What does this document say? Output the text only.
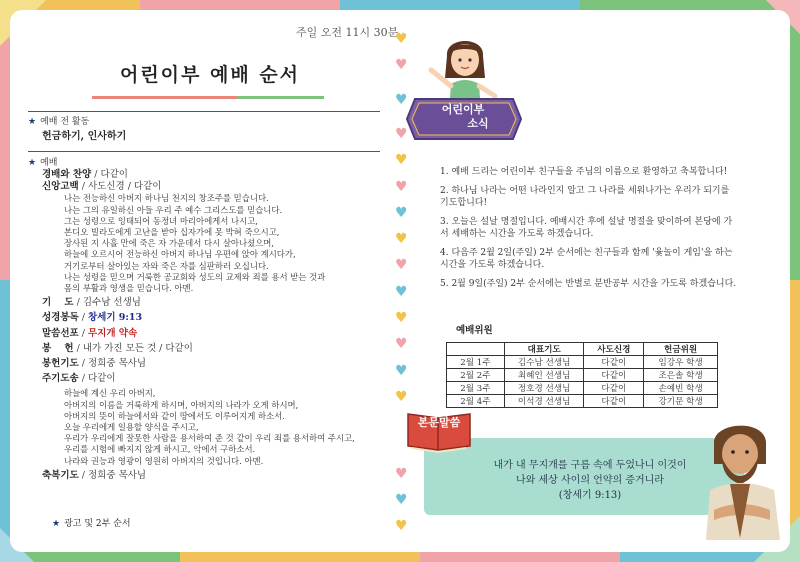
주일 오전 11시 30분
어린이부 예배 순서
★ 예배 전 활동
헌금하기, 인사하기
★ 예배
경배와 찬양 / 다같이
신앙고백 / 사도신경 / 다같이
나는 전능하신 아버지 하나님 천지의 창조주를 믿습니다.
나는 그의 유일하신 아들 우리 주 예수 그리스도를 믿습니다.
그는 성령으로 잉태되어 동정녀 마리아에게서 나시고,
본디오 빌라도에게 고난을 받아 십자가에 못 박혀 죽으시고,
장사된 지 사흘 만에 죽은 자 가운데서 다시 살아나셨으며,
하늘에 오르시어 전능하신 아버지 하나님 우편에 앉아 계시다가,
거기로부터 살아있는 자와 죽은 자를 심판하러 오십니다.
나는 성령을 믿으며 거룩한 공교회와 성도의 교제와 죄를 용서 받는 것과
몸의 부활과 영생을 믿습니다. 아멘.
기    도 / 김수남 선생님
성경봉독 / 창세기 9:13
말씀선포 / 무지개 약속
봉    헌 / 내가 가진 모든 것 / 다같이
봉헌기도 / 정희중 목사님
주기도송 / 다같이
하늘에 계신 우리 아버지,
아버지의 이름을 거룩하게 하시며, 아버지의 나라가 오게 하시며,
아버지의 뜻이 하늘에서와 같이 땅에서도 이루어지게 하소서.
오늘 우리에게 일용할 양식을 주시고,
우리가 우리에게 잘못한 사람을 용서하여 준 것 같이 우리 죄를 용서하여 주시고,
우리를 시험에 빠지지 않게 하시고, 악에서 구하소서.
나라와 권능과 영광이 영원히 아버지의 것입니다. 아멘.
축복기도 / 정희중 목사님
★ 광고 및 2부 순서
♥
♥
♥
♥
♥
♥
♥
♥
♥
♥
♥
♥
♥
♥
♥
♥
♥
어린이부
소식
1. 예배 드리는 어린이부 친구들을 주님의 이름으로 환영하고 축복합니다!
2. 하나님 나라는 어떤 나라인지 알고 그 나라를 세워나가는 우리가 되기를 기도합니다!
3. 오늘은 설날 명절입니다. 예배시간 후에 설날 명절을 맞이하여 본당에 가서 세배하는 시간을 가도록 하겠습니다.
4. 다음주 2월 2일(주일) 2부 순서에는 친구들과 함께 '윷놀이 게임'을 하는 시간을 가도록 하겠습니다.
5. 2월 9일(주일) 2부 순서에는 반별로 분반공부 시간을 가도록 하겠습니다.
예배위원
	대표기도	사도신경	헌금위원
2월 1주	김수남 선생님	다같이	임강우 학생
2월 2주	최혜인 선생님	다같이	조은솔 학생
2월 3주	정호경 선생님	다같이	손예빈 학생
2월 4주	이석경 선생님	다같이	강기문 학생
본문말씀
내가 내 무지개를 구름 속에 두었나니 이것이
나와 세상 사이의 언약의 증거니라
(창세기 9:13)
